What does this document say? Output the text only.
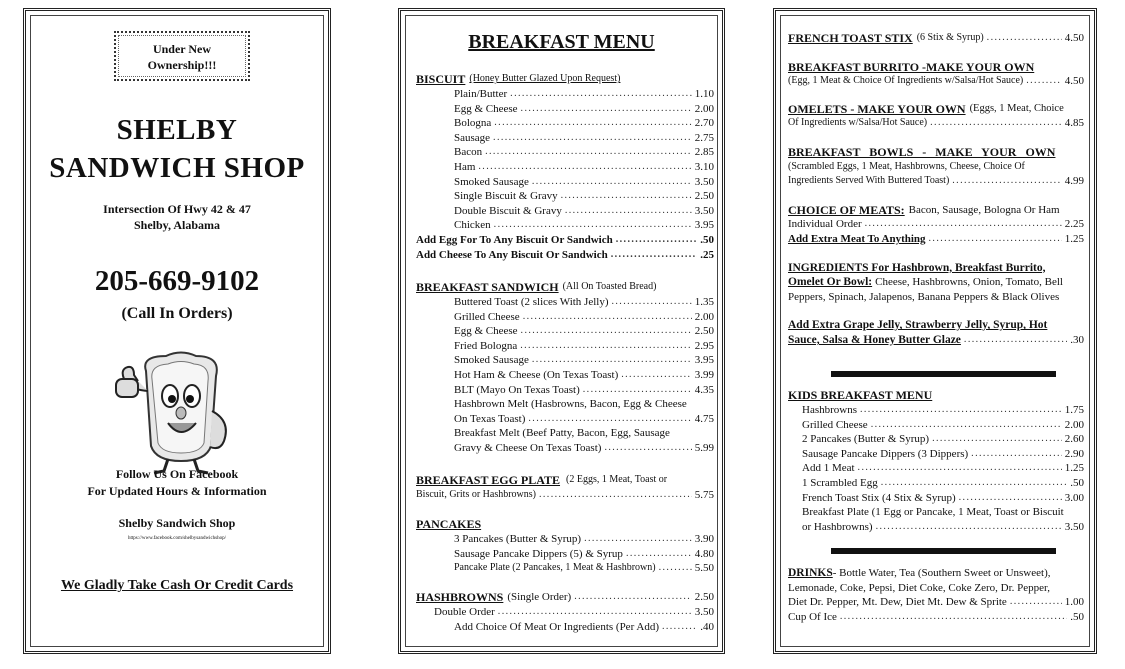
Under New
Ownership!!!
SHELBY
SANDWICH SHOP
Intersection Of Hwy 42 & 47
Shelby, Alabama
205-669-9102
(Call In Orders)
Follow Us On Facebook
For Updated Hours & Information
Shelby Sandwich Shop
https://www.facebook.com/shelbysandwichshop/
We Gladly Take Cash Or Credit Cards
BREAKFAST MENU
BISCUIT (Honey Butter Glazed Upon Request)
Plain/Butter .....	1.10
Egg & Cheese .....	2.00
Bologna .....	2.70
Sausage .....	2.75
Bacon .....	2.85
Ham .....	3.10
Smoked Sausage .....	3.50
Single Biscuit & Gravy .....	2.50
Double Biscuit & Gravy .....	3.50
Chicken .....	3.95
Add Egg For To Any Biscuit Or Sandwich .....	.50
Add Cheese To Any Biscuit Or Sandwich .....	.25
BREAKFAST SANDWICH (All On Toasted Bread)
Buttered Toast (2 slices With Jelly) .....	1.35
Grilled Cheese .....	2.00
Egg & Cheese .....	2.50
Fried Bologna .....	2.95
Smoked Sausage .....	3.95
Hot Ham & Cheese (On Texas Toast) .....	3.99
BLT (Mayo On Texas Toast) .....	4.35
Hashbrown Melt (Hasbrowns, Bacon, Egg & Cheese
On Texas Toast) .....	4.75
Breakfast Melt (Beef Patty, Bacon, Egg, Sausage
Gravy & Cheese On Texas Toast) .....	5.99
BREAKFAST EGG PLATE (2 Eggs, 1 Meat, Toast or
Biscuit, Grits or Hashbrowns) .....	5.75
PANCAKES
3 Pancakes (Butter & Syrup) .....	3.90
Sausage Pancake Dippers (5) & Syrup .....	4.80
Pancake Plate (2 Pancakes, 1 Meat & Hashbrown) .....	5.50
HASHBROWNS (Single Order) .....	2.50
Double Order .....	3.50
Add Choice Of Meat Or Ingredients (Per Add) .....	.40
FRENCH TOAST STIX (6 Stix & Syrup) .....	4.50
BREAKFAST BURRITO -MAKE YOUR OWN
(Egg, 1 Meat & Choice Of Ingredients w/Salsa/Hot Sauce) .....	4.50
OMELETS - MAKE YOUR OWN (Eggs, 1 Meat, Choice
Of Ingredients w/Salsa/Hot Sauce) .....	4.85
BREAKFAST BOWLS - MAKE YOUR OWN
(Scrambled Eggs, 1 Meat, Hashbrowns, Cheese, Choice Of
Ingredients Served With Buttered Toast) .....	4.99
CHOICE OF MEATS: Bacon, Sausage, Bologna Or Ham
Individual Order .....	2.25
Add Extra Meat To Anything .....	1.25
INGREDIENTS For Hashbrown, Breakfast Burrito,
Omelet Or Bowl: Cheese, Hashbrowns, Onion, Tomato, Bell
Peppers, Spinach, Jalapenos, Banana Peppers & Black Olives
Add Extra Grape Jelly, Strawberry Jelly, Syrup, Hot
Sauce, Salsa & Honey Butter Glaze .....	.30
KIDS BREAKFAST MENU
Hashbrowns .....	1.75
Grilled Cheese .....	2.00
2 Pancakes (Butter & Syrup) .....	2.60
Sausage Pancake Dippers (3 Dippers) .....	2.90
Add 1 Meat .....	1.25
1 Scrambled Egg .....	.50
French Toast Stix (4 Stix & Syrup) .....	3.00
Breakfast Plate (1 Egg or Pancake, 1 Meat, Toast or Biscuit
or Hashbrowns) .....	3.50
DRINKS - Bottle Water, Tea (Southern Sweet or Unsweet),
Lemonade, Coke, Pepsi, Diet Coke, Coke Zero, Dr. Pepper,
Diet Dr. Pepper, Mt. Dew, Diet Mt. Dew & Sprite .....	1.00
Cup Of Ice .....	.50
